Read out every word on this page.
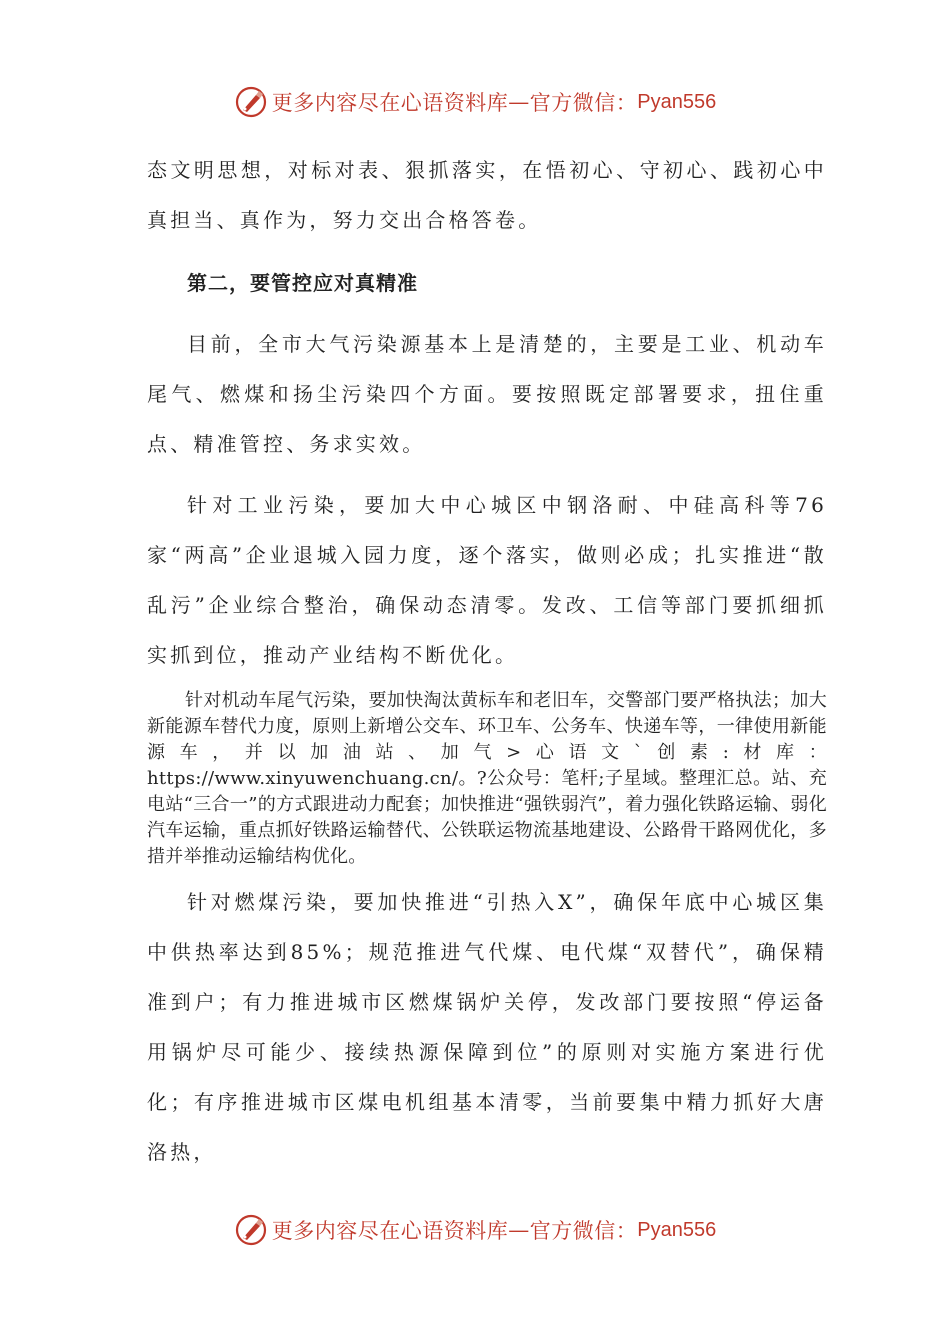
更多内容尽在心语资料库 — 官方微信： Pyan556

态文明思想，对标对表、狠抓落实，在悟初心、守初心、践初心中真担当、真作为，努力交出合格答卷。

第二，要管控应对真精准

目前，全市大气污染源基本上是清楚的，主要是工业、机动车尾气、燃煤和扬尘污染四个方面。要按照既定部署要求，扭住重点、精准管控、务求实效。

针对工业污染，要加大中心城区中钢洛耐、中硅高科等76家“两高”企业退城入园力度，逐个落实，做则必成；扎实推进“散乱污”企业综合整治，确保动态清零。发改、工信等部门要抓细抓实抓到位，推动产业结构不断优化。

针对机动车尾气污染，要加快淘汰黄标车和老旧车，交警部门要严格执法；加大新能源车替代力度，原则上新增公交车、环卫车、公务车、快递车等，一律使用新能源车，并以加油站、加气>心语文`创素:材库：https://www.xinyuwenchuang.cn/。?公众号：笔杆;子星域。整理汇总。站、充电站“三合一”的方式跟进动力配套；加快推进“强铁弱汽”，着力强化铁路运输、弱化汽车运输，重点抓好铁路运输替代、公铁联运物流基地建设、公路骨干路网优化，多措并举推动运输结构优化。

针对燃煤污染，要加快推进“引热入X”，确保年底中心城区集中供热率达到85%；规范推进气代煤、电代煤“双替代”，确保精准到户；有力推进城市区燃煤锅炉关停，发改部门要按照“停运备用锅炉尽可能少、接续热源保障到位”的原则对实施方案进行优化；有序推进城市区煤电机组基本清零，当前要集中精力抓好大唐洛热，

更多内容尽在心语资料库 — 官方微信： Pyan556
